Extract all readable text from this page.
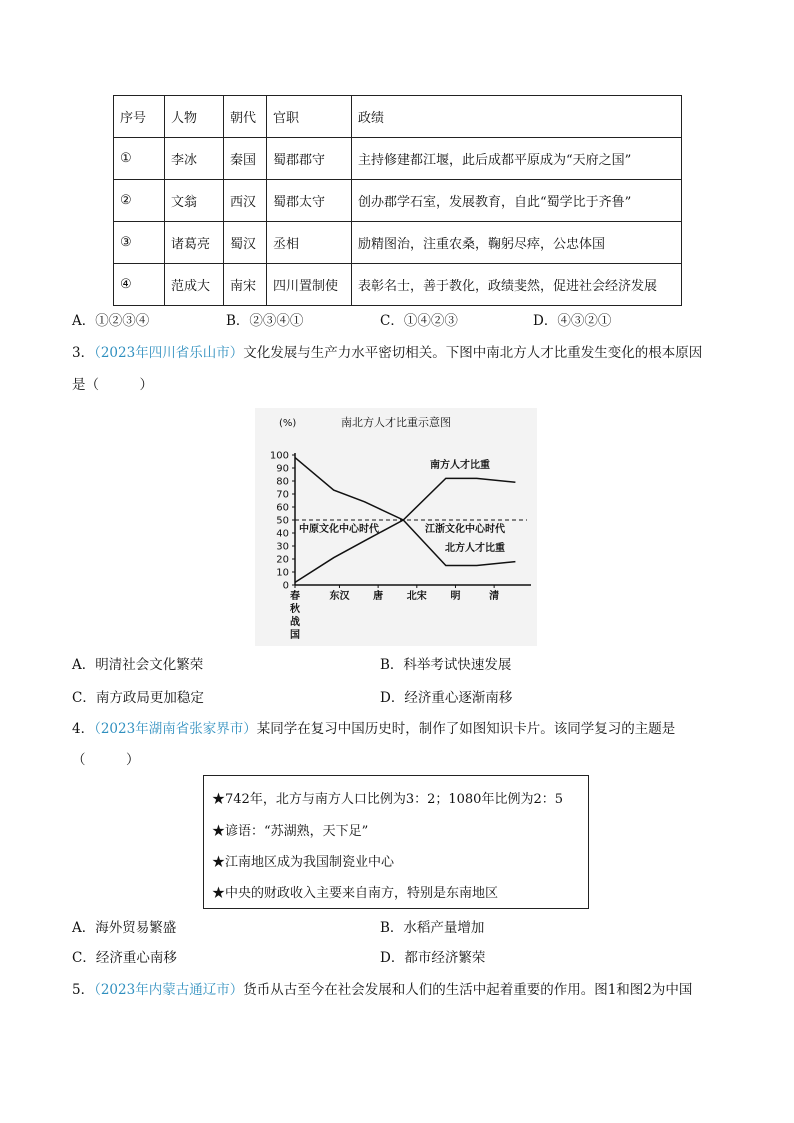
序号	人物	朝代	官职	政绩
①	李冰	秦国	蜀郡郡守	主持修建都江堰，此后成都平原成为“天府之国”
②	文翁	西汉	蜀郡太守	创办郡学石室，发展教育，自此“蜀学比于齐鲁”
③	诸葛亮	蜀汉	丞相	励精图治，注重农桑，鞠躬尽瘁，公忠体国
④	范成大	南宋	四川置制使	表彰名士，善于教化，政绩斐然，促进社会经济发展
A．①②③④	B．②③④①	C．①④②③	D．④③②①
3．（2023年四川省乐山市）文化发展与生产力水平密切相关。下图中南北方人才比重发生变化的根本原因
是（　　　）
南北方人才比重示意图
(%)
0
10
20
30
40
50
60
70
80
90
100
春
秋
战
国
东汉 唐 北宋 明	清
中原文化中心时代	江浙文化中心时代
南方人才比重
北方人才比重
A．明清社会文化繁荣	B．科举考试快速发展
C．南方政局更加稳定	D．经济重心逐渐南移
4．（2023年湖南省张家界市）某同学在复习中国历史时，制作了如图知识卡片。该同学复习的主题是
（　　　）
★742年，北方与南方人口比例为3：2；1080年比例为2：5
★谚语：“苏湖熟，天下足”
★江南地区成为我国制瓷业中心
★中央的财政收入主要来自南方，特别是东南地区
A．海外贸易繁盛	B．水稻产量增加
C．经济重心南移	D．都市经济繁荣
5．（2023年内蒙古通辽市）货币从古至今在社会发展和人们的生活中起着重要的作用。图1和图2为中国
